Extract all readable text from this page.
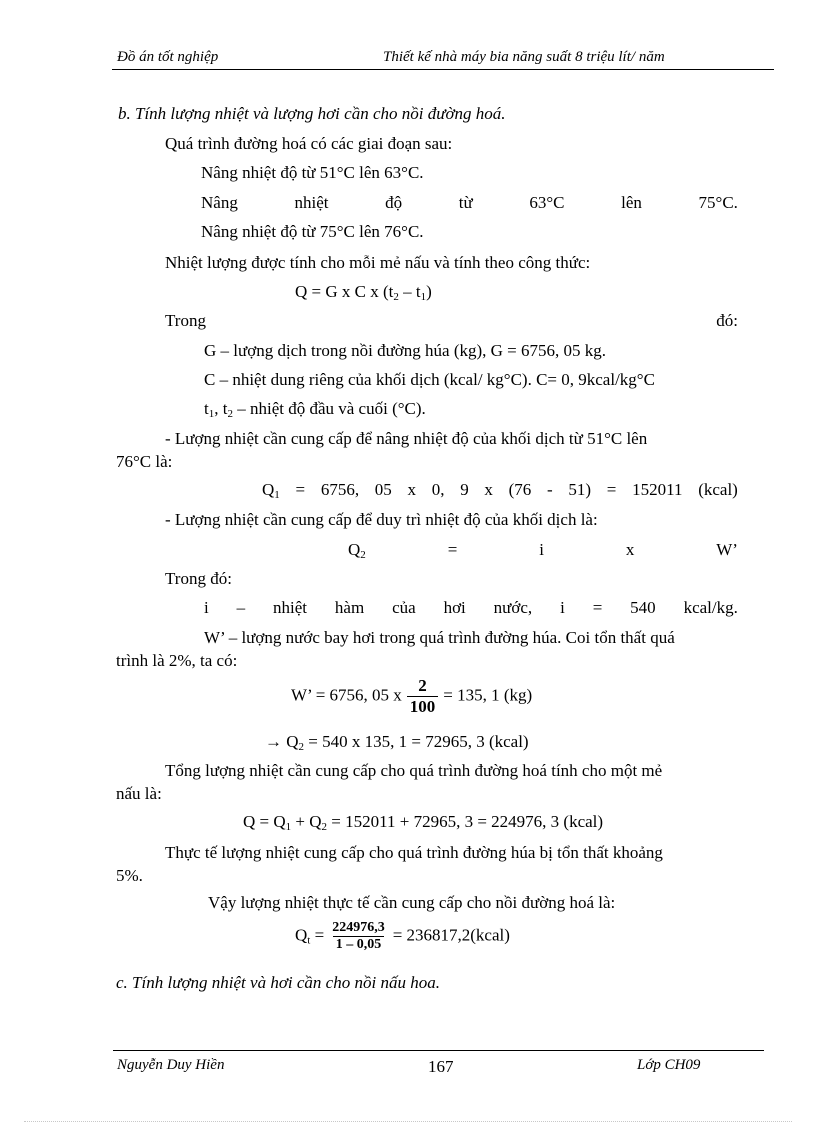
Đồ án tốt nghiệp	Thiết kế nhà máy bia năng suất 8 triệu lít/ năm
b. Tính lượng nhiệt và lượng hơi cần cho nồi đường hoá.
Quá trình đường hoá có các giai đoạn sau:
Nâng nhiệt độ từ 51°C lên 63°C.
Nâng	nhiệt	độ	từ	63°C	lên	75°C.
Nâng nhiệt độ từ 75°C lên 76°C.
Nhiệt lượng được tính cho mỗi mẻ nấu và tính theo công thức:
Q = G x C x $(t_2 - t_1)$
Trong	đó:
G – lượng dịch trong nồi đường húa (kg), G = 6756, 05 kg.
C – nhiệt dung riêng của khối dịch (kcal/ kg°C). C= 0, 9kcal/kg°C
$t_1$, $t_2$ – nhiệt độ đầu và cuối (°C).
- Lượng nhiệt cần cung cấp để nâng nhiệt độ của khối dịch từ 51°C lên
76°C là:
$Q_1 = 6756$, 05 x 0, 9 x (76 - 51) = 152011 (kcal)
- Lượng nhiệt cần cung cấp để duy trì nhiệt độ của khối dịch là:
$Q_2$	=	i	x	W’
Trong đó:
i – nhiệt hàm của hơi nước, i = 540 kcal/kg.
W’ – lượng nước bay hơi trong quá trình đường húa. Coi tổn thất quá
trình là 2%, ta có:
W’ = 6756, 05 x $\frac{2}{100} = 135$, 1 (kg)
→ $Q_2 = 540$ x 135, 1 = 72965, 3 (kcal)
Tổng lượng nhiệt cần cung cấp cho quá trình đường hoá tính cho một mẻ
nấu là:
$Q = Q_1 + Q_2 = 152011 + 72965$, 3 = 224976, 3 (kcal)
Thực tế lượng nhiệt cung cấp cho quá trình đường húa bị tổn thất khoảng
5%.
Vậy lượng nhiệt thực tế cần cung cấp cho nồi đường hoá là:
$Q_t = \frac{224976,3}{1 - 0,05}$ = 236817,2(kcal)
c. Tính lượng nhiệt và hơi cần cho nồi nấu hoa.
Nguyễn Duy Hiền	167	Lớp CH09
